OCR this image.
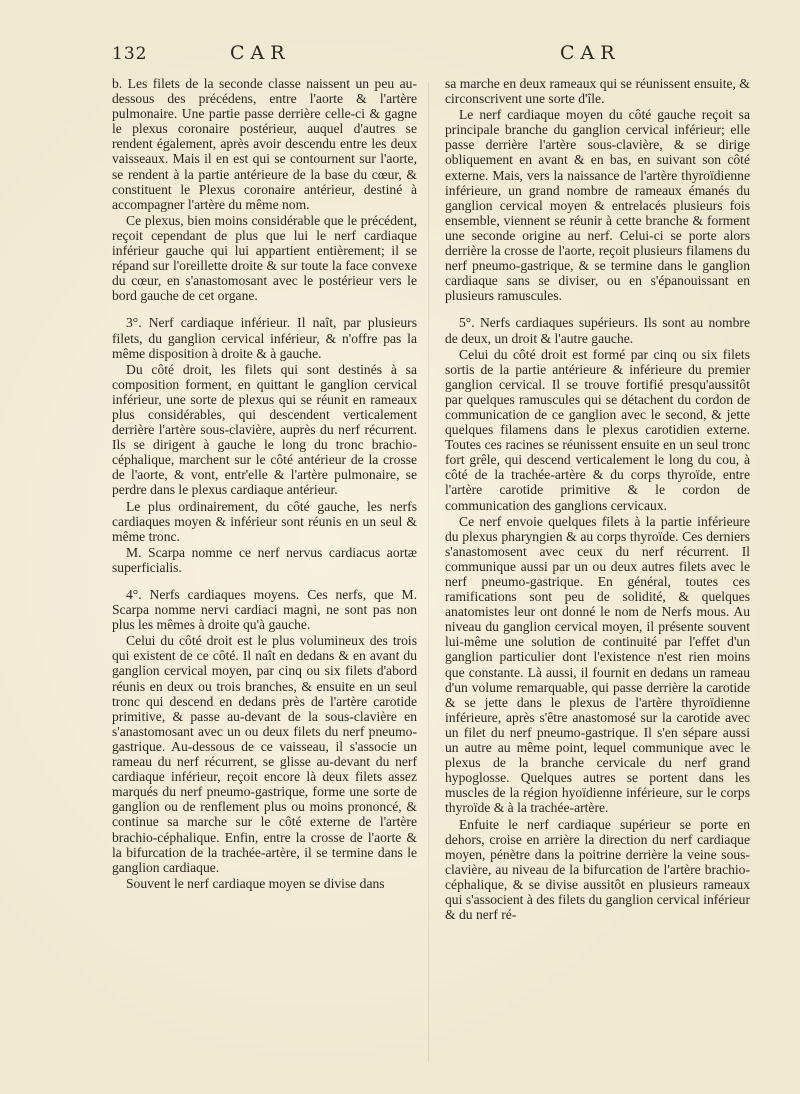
132	CAR	CAR

b. Les filets de la seconde classe naissent un peu au-dessous des précédens, entre l'aorte & l'artère pulmonaire. Une partie passe derrière celle-ci & gagne le plexus coronaire postérieur, auquel d'autres se rendent également, après avoir descendu entre les deux vaisseaux. Mais il en est qui se contournent sur l'aorte, se rendent à la partie antérieure de la base du cœur, & constituent le Plexus coronaire antérieur, destiné à accompagner l'artère du même nom.

Ce plexus, bien moins considérable que le précédent, reçoit cependant de plus que lui le nerf cardiaque inférieur gauche qui lui appartient entièrement; il se répand sur l'oreillette droite & sur toute la face convexe du cœur, en s'anastomosant avec le postérieur vers le bord gauche de cet organe.

3°. Nerf cardiaque inférieur. Il naît, par plusieurs filets, du ganglion cervical inférieur, & n'offre pas la même disposition à droite & à gauche.

Du côté droit, les filets qui sont destinés à sa composition forment, en quittant le ganglion cervical inférieur, une sorte de plexus qui se réunit en rameaux plus considérables, qui descendent verticalement derrière l'artère sous-clavière, auprès du nerf récurrent. Ils se dirigent à gauche le long du tronc brachio-céphalique, marchent sur le côté antérieur de la crosse de l'aorte, & vont, entr'elle & l'artère pulmonaire, se perdre dans le plexus cardiaque antérieur.

Le plus ordinairement, du côté gauche, les nerfs cardiaques moyen & inférieur sont réunis en un seul & même tronc.

M. Scarpa nomme ce nerf nervus cardiacus aortæ superficialis.

4°. Nerfs cardiaques moyens. Ces nerfs, que M. Scarpa nomme nervi cardiaci magni, ne sont pas non plus les mêmes à droite qu'à gauche.

Celui du côté droit est le plus volumineux des trois qui existent de ce côté. Il naît en dedans & en avant du ganglion cervical moyen, par cinq ou six filets d'abord réunis en deux ou trois branches, & ensuite en un seul tronc qui descend en dedans près de l'artère carotide primitive, & passe au-devant de la sous-clavière en s'anastomosant avec un ou deux filets du nerf pneumo-gastrique. Au-dessous de ce vaisseau, il s'associe un rameau du nerf récurrent, se glisse au-devant du nerf cardiaque inférieur, reçoit encore là deux filets assez marqués du nerf pneumo-gastrique, forme une sorte de ganglion ou de renflement plus ou moins prononcé, & continue sa marche sur le côté externe de l'artère brachio-céphalique. Enfin, entre la crosse de l'aorte & la bifurcation de la trachée-artère, il se termine dans le ganglion cardiaque.

Souvent le nerf cardiaque moyen se divise dans

sa marche en deux rameaux qui se réunissent ensuite, & circonscrivent une sorte d'île.

Le nerf cardiaque moyen du côté gauche reçoit sa principale branche du ganglion cervical inférieur; elle passe derrière l'artère sous-clavière, & se dirige obliquement en avant & en bas, en suivant son côté externe. Mais, vers la naissance de l'artère thyroïdienne inférieure, un grand nombre de rameaux émanés du ganglion cervical moyen & entrelacés plusieurs fois ensemble, viennent se réunir à cette branche & forment une seconde origine au nerf. Celui-ci se porte alors derrière la crosse de l'aorte, reçoit plusieurs filamens du nerf pneumo-gastrique, & se termine dans le ganglion cardiaque sans se diviser, ou en s'épanouissant en plusieurs ramuscules.

5°. Nerfs cardiaques supérieurs. Ils sont au nombre de deux, un droit & l'autre gauche.

Celui du côté droit est formé par cinq ou six filets sortis de la partie antérieure & inférieure du premier ganglion cervical. Il se trouve fortifié presqu'aussitôt par quelques ramuscules qui se détachent du cordon de communication de ce ganglion avec le second, & jette quelques filamens dans le plexus carotidien externe. Toutes ces racines se réunissent ensuite en un seul tronc fort grêle, qui descend verticalement le long du cou, à côté de la trachée-artère & du corps thyroïde, entre l'artère carotide primitive & le cordon de communication des ganglions cervicaux.

Ce nerf envoie quelques filets à la partie inférieure du plexus pharyngien & au corps thyroïde. Ces derniers s'anastomosent avec ceux du nerf récurrent. Il communique aussi par un ou deux autres filets avec le nerf pneumo-gastrique. En général, toutes ces ramifications sont peu de solidité, & quelques anatomistes leur ont donné le nom de Nerfs mous. Au niveau du ganglion cervical moyen, il présente souvent lui-même une solution de continuité par l'effet d'un ganglion particulier dont l'existence n'est rien moins que constante. Là aussi, il fournit en dedans un rameau d'un volume remarquable, qui passe derrière la carotide & se jette dans le plexus de l'artère thyroïdienne inférieure, après s'être anastomosé sur la carotide avec un filet du nerf pneumo-gastrique. Il s'en sépare aussi un autre au même point, lequel communique avec le plexus de la branche cervicale du nerf grand hypoglosse. Quelques autres se portent dans les muscles de la région hyoïdienne inférieure, sur le corps thyroïde & à la trachée-artère.

Enfuite le nerf cardiaque supérieur se porte en dehors, croise en arrière la direction du nerf cardiaque moyen, pénètre dans la poitrine derrière la veine sous-clavière, au niveau de la bifurcation de l'artère brachio-céphalique, & se divise aussitôt en plusieurs rameaux qui s'associent à des filets du ganglion cervical inférieur & du nerf ré-
